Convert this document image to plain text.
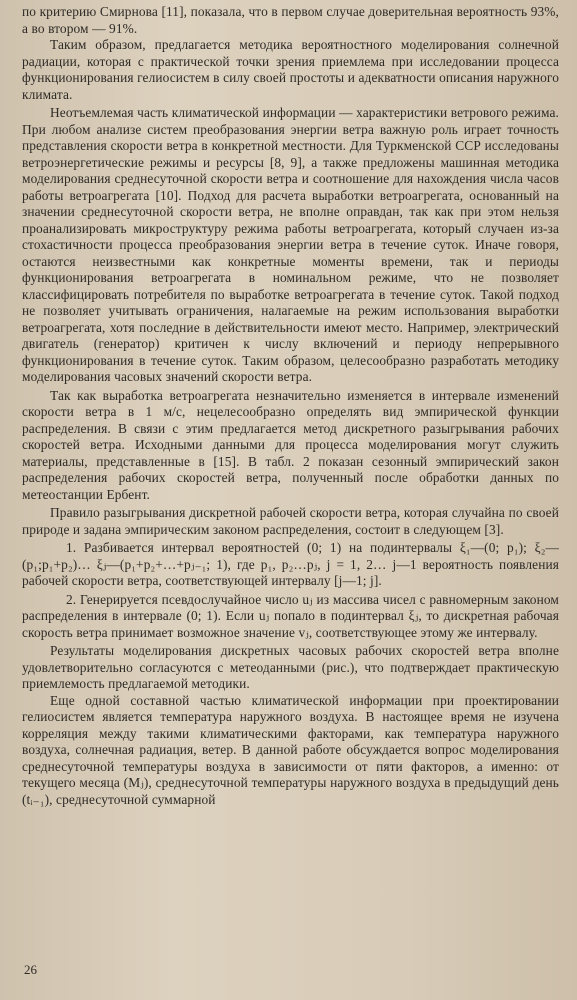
по критерию Смирнова [11], показала, что в первом случае доверительная вероятность 93%, а во втором — 91%.

Таким образом, предлагается методика вероятностного моделирования солнечной радиации, которая с практической точки зрения приемлема при исследовании процесса функционирования гелиосистем в силу своей простоты и адекватности описания наружного климата.

Неотъемлемая часть климатической информации — характеристики ветрового режима. При любом анализе систем преобразования энергии ветра важную роль играет точность представления скорости ветра в конкретной местности. Для Туркменской ССР исследованы ветроэнергетические режимы и ресурсы [8, 9], а также предложены машинная методика моделирования среднесуточной скорости ветра и соотношение для нахождения числа часов работы ветроагрегата [10]. Подход для расчета выработки ветроагрегата, основанный на значении среднесуточной скорости ветра, не вполне оправдан, так как при этом нельзя проанализировать микроструктуру режима работы ветроагрегата, который случаен из-за стохастичности процесса преобразования энергии ветра в течение суток. Иначе говоря, остаются неизвестными как конкретные моменты времени, так и периоды функционирования ветроагрегата в номинальном режиме, что не позволяет классифицировать потребителя по выработке ветроагрегата в течение суток. Такой подход не позволяет учитывать ограничения, налагаемые на режим использования выработки ветроагрегата, хотя последние в действительности имеют место. Например, электрический двигатель (генератор) критичен к числу включений и периоду непрерывного функционирования в течение суток. Таким образом, целесообразно разработать методику моделирования часовых значений скорости ветра.

Так как выработка ветроагрегата незначительно изменяется в интервале изменений скорости ветра в 1 м/с, нецелесообразно определять вид эмпирической функции распределения. В связи с этим предлагается метод дискретного разыгрывания рабочих скоростей ветра. Исходными данными для процесса моделирования могут служить материалы, представленные в [15]. В табл. 2 показан сезонный эмпирический закон распределения рабочих скоростей ветра, полученный после обработки данных по метеостанции Ербент.

Правило разыгрывания дискретной рабочей скорости ветра, которая случайна по своей природе и задана эмпирическим законом распределения, состоит в следующем [3].

1. Разбивается интервал вероятностей (0; 1) на подинтервалы ξ₁—(0; p₁); ξ₂—(p₁;p₁+p₂)… ξⱼ—(p₁+p₂+…+pⱼ₋₁; 1), где p₁, p₂…pⱼ, j = 1, 2… j—1 вероятность появления рабочей скорости ветра, соответствующей интервалу [j—1; j].

2. Генерируется псевдослучайное число uⱼ из массива чисел с равномерным законом распределения в интервале (0; 1). Если uⱼ попало в подинтервал ξⱼ, то дискретная рабочая скорость ветра принимает возможное значение vⱼ, соответствующее этому же интервалу.

Результаты моделирования дискретных часовых рабочих скоростей ветра вполне удовлетворительно согласуются с метеоданными (рис.), что подтверждает практическую приемлемость предлагаемой методики.

Еще одной составной частью климатической информации при проектировании гелиосистем является температура наружного воздуха. В настоящее время не изучена корреляция между такими климатическими факторами, как температура наружного воздуха, солнечная радиация, ветер. В данной работе обсуждается вопрос моделирования среднесуточной температуры воздуха в зависимости от пяти факторов, а именно: от текущего месяца (Mⱼ), среднесуточной температуры наружного воздуха в предыдущий день (tᵢ₋₁), среднесуточной суммарной

26
